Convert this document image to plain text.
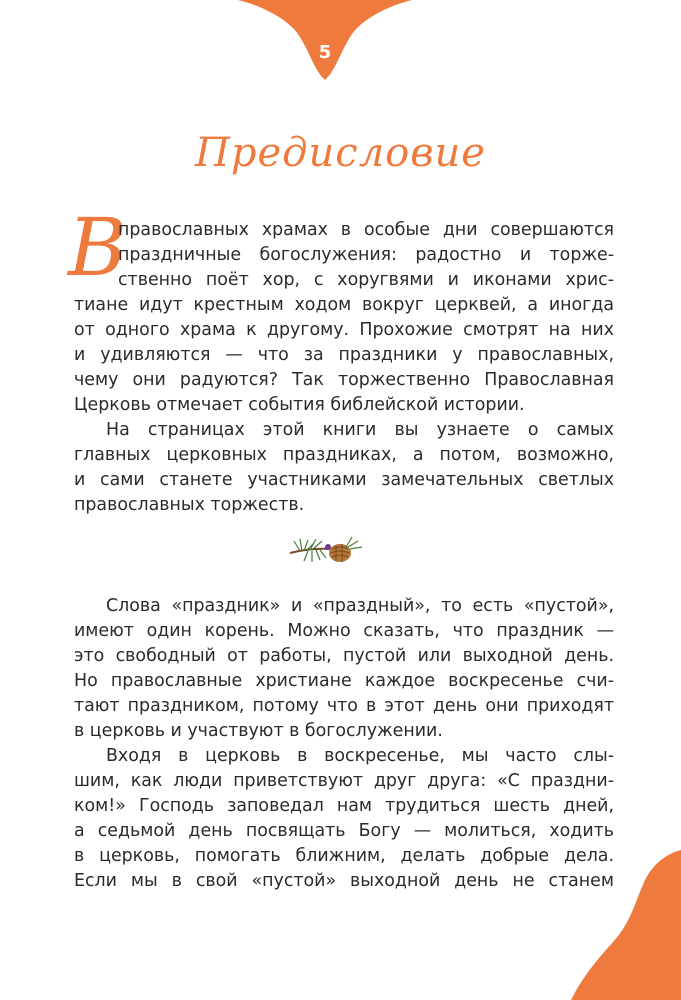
5
Предисловие
В
православных храмах в особые дни совершаются
праздничные богослужения: радостно и торже-
ственно поёт хор, с хоругвями и иконами хрис-
тиане идут крестным ходом вокруг церквей, а иногда
от одного храма к другому. Прохожие смотрят на них
и удивляются — что за праздники у православных,
чему они радуются? Так торжественно Православная
Церковь отмечает события библейской истории.
На страницах этой книги вы узнаете о самых
главных церковных праздниках, а потом, возможно,
и сами станете участниками замечательных светлых
православных торжеств.
Слова «праздник» и «праздный», то есть «пустой»,
имеют один корень. Можно сказать, что праздник —
это свободный от работы, пустой или выходной день.
Но православные христиане каждое воскресенье счи-
тают праздником, потому что в этот день они приходят
в церковь и участвуют в богослужении.
Входя в церковь в воскресенье, мы часто слы-
шим, как люди приветствуют друг друга: «С праздни-
ком!» Господь заповедал нам трудиться шесть дней,
а седьмой день посвящать Богу — молиться, ходить
в церковь, помогать ближним, делать добрые дела.
Если мы в свой «пустой» выходной день не станем
